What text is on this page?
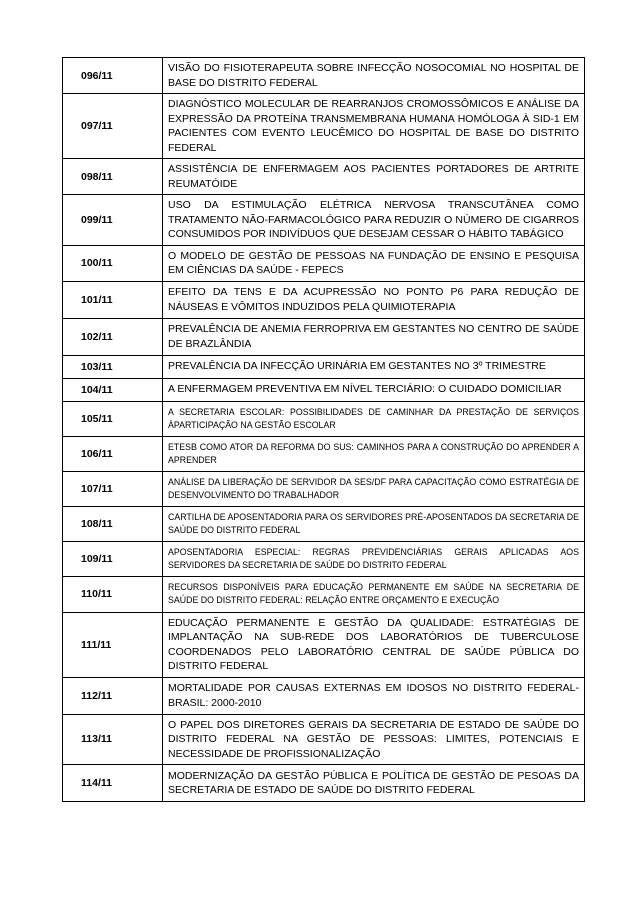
096/11	VISÃO DO FISIOTERAPEUTA SOBRE INFECÇÃO NOSOCOMIAL NO HOSPITAL DE BASE DO DISTRITO FEDERAL
097/11	DIAGNÓSTICO MOLECULAR DE REARRANJOS CROMOSSÔMICOS E ANÁLISE DA EXPRESSÃO DA PROTEÍNA TRANSMEMBRANA HUMANA HOMÓLOGA À SID-1 EM PACIENTES COM EVENTO LEUCÊMICO DO HOSPITAL DE BASE DO DISTRITO FEDERAL
098/11	ASSISTÊNCIA DE ENFERMAGEM AOS PACIENTES PORTADORES DE ARTRITE REUMATÓIDE
099/11	USO DA ESTIMULAÇÃO ELÉTRICA NERVOSA TRANSCUTÂNEA COMO TRATAMENTO NÃO-FARMACOLÓGICO PARA REDUZIR O NÚMERO DE CIGARROS CONSUMIDOS POR INDIVÍDUOS QUE DESEJAM CESSAR O HÁBITO TABÁGICO
100/11	O MODELO DE GESTÃO DE PESSOAS NA FUNDAÇÃO DE ENSINO E PESQUISA EM CIÊNCIAS DA SAÚDE - FEPECS
101/11	EFEITO DA TENS E DA ACUPRESSÃO NO PONTO P6 PARA REDUÇÃO DE NÁUSEAS E VÔMITOS INDUZIDOS PELA QUIMIOTERAPIA
102/11	PREVALÊNCIA DE ANEMIA FERROPRIVA EM GESTANTES NO CENTRO DE SAÚDE DE BRAZLÂNDIA
103/11	PREVALÊNCIA DA INFECÇÃO URINÁRIA EM GESTANTES NO 3º TRIMESTRE
104/11	A ENFERMAGEM PREVENTIVA EM NÍVEL TERCIÁRIO: O CUIDADO DOMICILIAR
105/11	A SECRETARIA ESCOLAR: POSSIBILIDADES DE CAMINHAR DA PRESTAÇÃO DE SERVIÇOS ÀPARTICIPAÇÃO NA GESTÃO ESCOLAR
106/11	ETESB COMO ATOR DA REFORMA DO SUS: CAMINHOS PARA A CONSTRUÇÃO DO APRENDER A APRENDER
107/11	ANÁLISE DA LIBERAÇÃO DE SERVIDOR DA SES/DF PARA CAPACITAÇÃO COMO ESTRATÉGIA DE DESENVOLVIMENTO DO TRABALHADOR
108/11	CARTILHA DE APOSENTADORIA PARA OS SERVIDORES PRÉ-APOSENTADOS DA SECRETARIA DE SAÚDE DO DISTRITO FEDERAL
109/11	APOSENTADORIA ESPECIAL: REGRAS PREVIDENCIÁRIAS GERAIS APLICADAS AOS SERVIDORES DA SECRETARIA DE SAÚDE DO DISTRITO FEDERAL
110/11	RECURSOS DISPONÍVEIS PARA EDUCAÇÃO PERMANENTE EM SAÚDE NA SECRETARIA DE SAÚDE DO DISTRITO FEDERAL: RELAÇÃO ENTRE ORÇAMENTO E EXECUÇÃO
111/11	EDUCAÇÃO PERMANENTE E GESTÃO DA QUALIDADE: ESTRATÉGIAS DE IMPLANTAÇÃO NA SUB-REDE DOS LABORATÓRIOS DE TUBERCULOSE COORDENADOS PELO LABORATÓRIO CENTRAL DE SAÚDE PÚBLICA DO DISTRITO FEDERAL
112/11	MORTALIDADE POR CAUSAS EXTERNAS EM IDOSOS NO DISTRITO FEDERAL-BRASIL: 2000-2010
113/11	O PAPEL DOS DIRETORES GERAIS DA SECRETARIA DE ESTADO DE SAÚDE DO DISTRITO FEDERAL NA GESTÃO DE PESSOAS: LIMITES, POTENCIAIS E NECESSIDADE DE PROFISSIONALIZAÇÃO
114/11	MODERNIZAÇÃO DA GESTÃO PÚBLICA E POLÍTICA DE GESTÃO DE PESOAS DA SECRETARIA DE ESTADO DE SAÚDE DO DISTRITO FEDERAL
